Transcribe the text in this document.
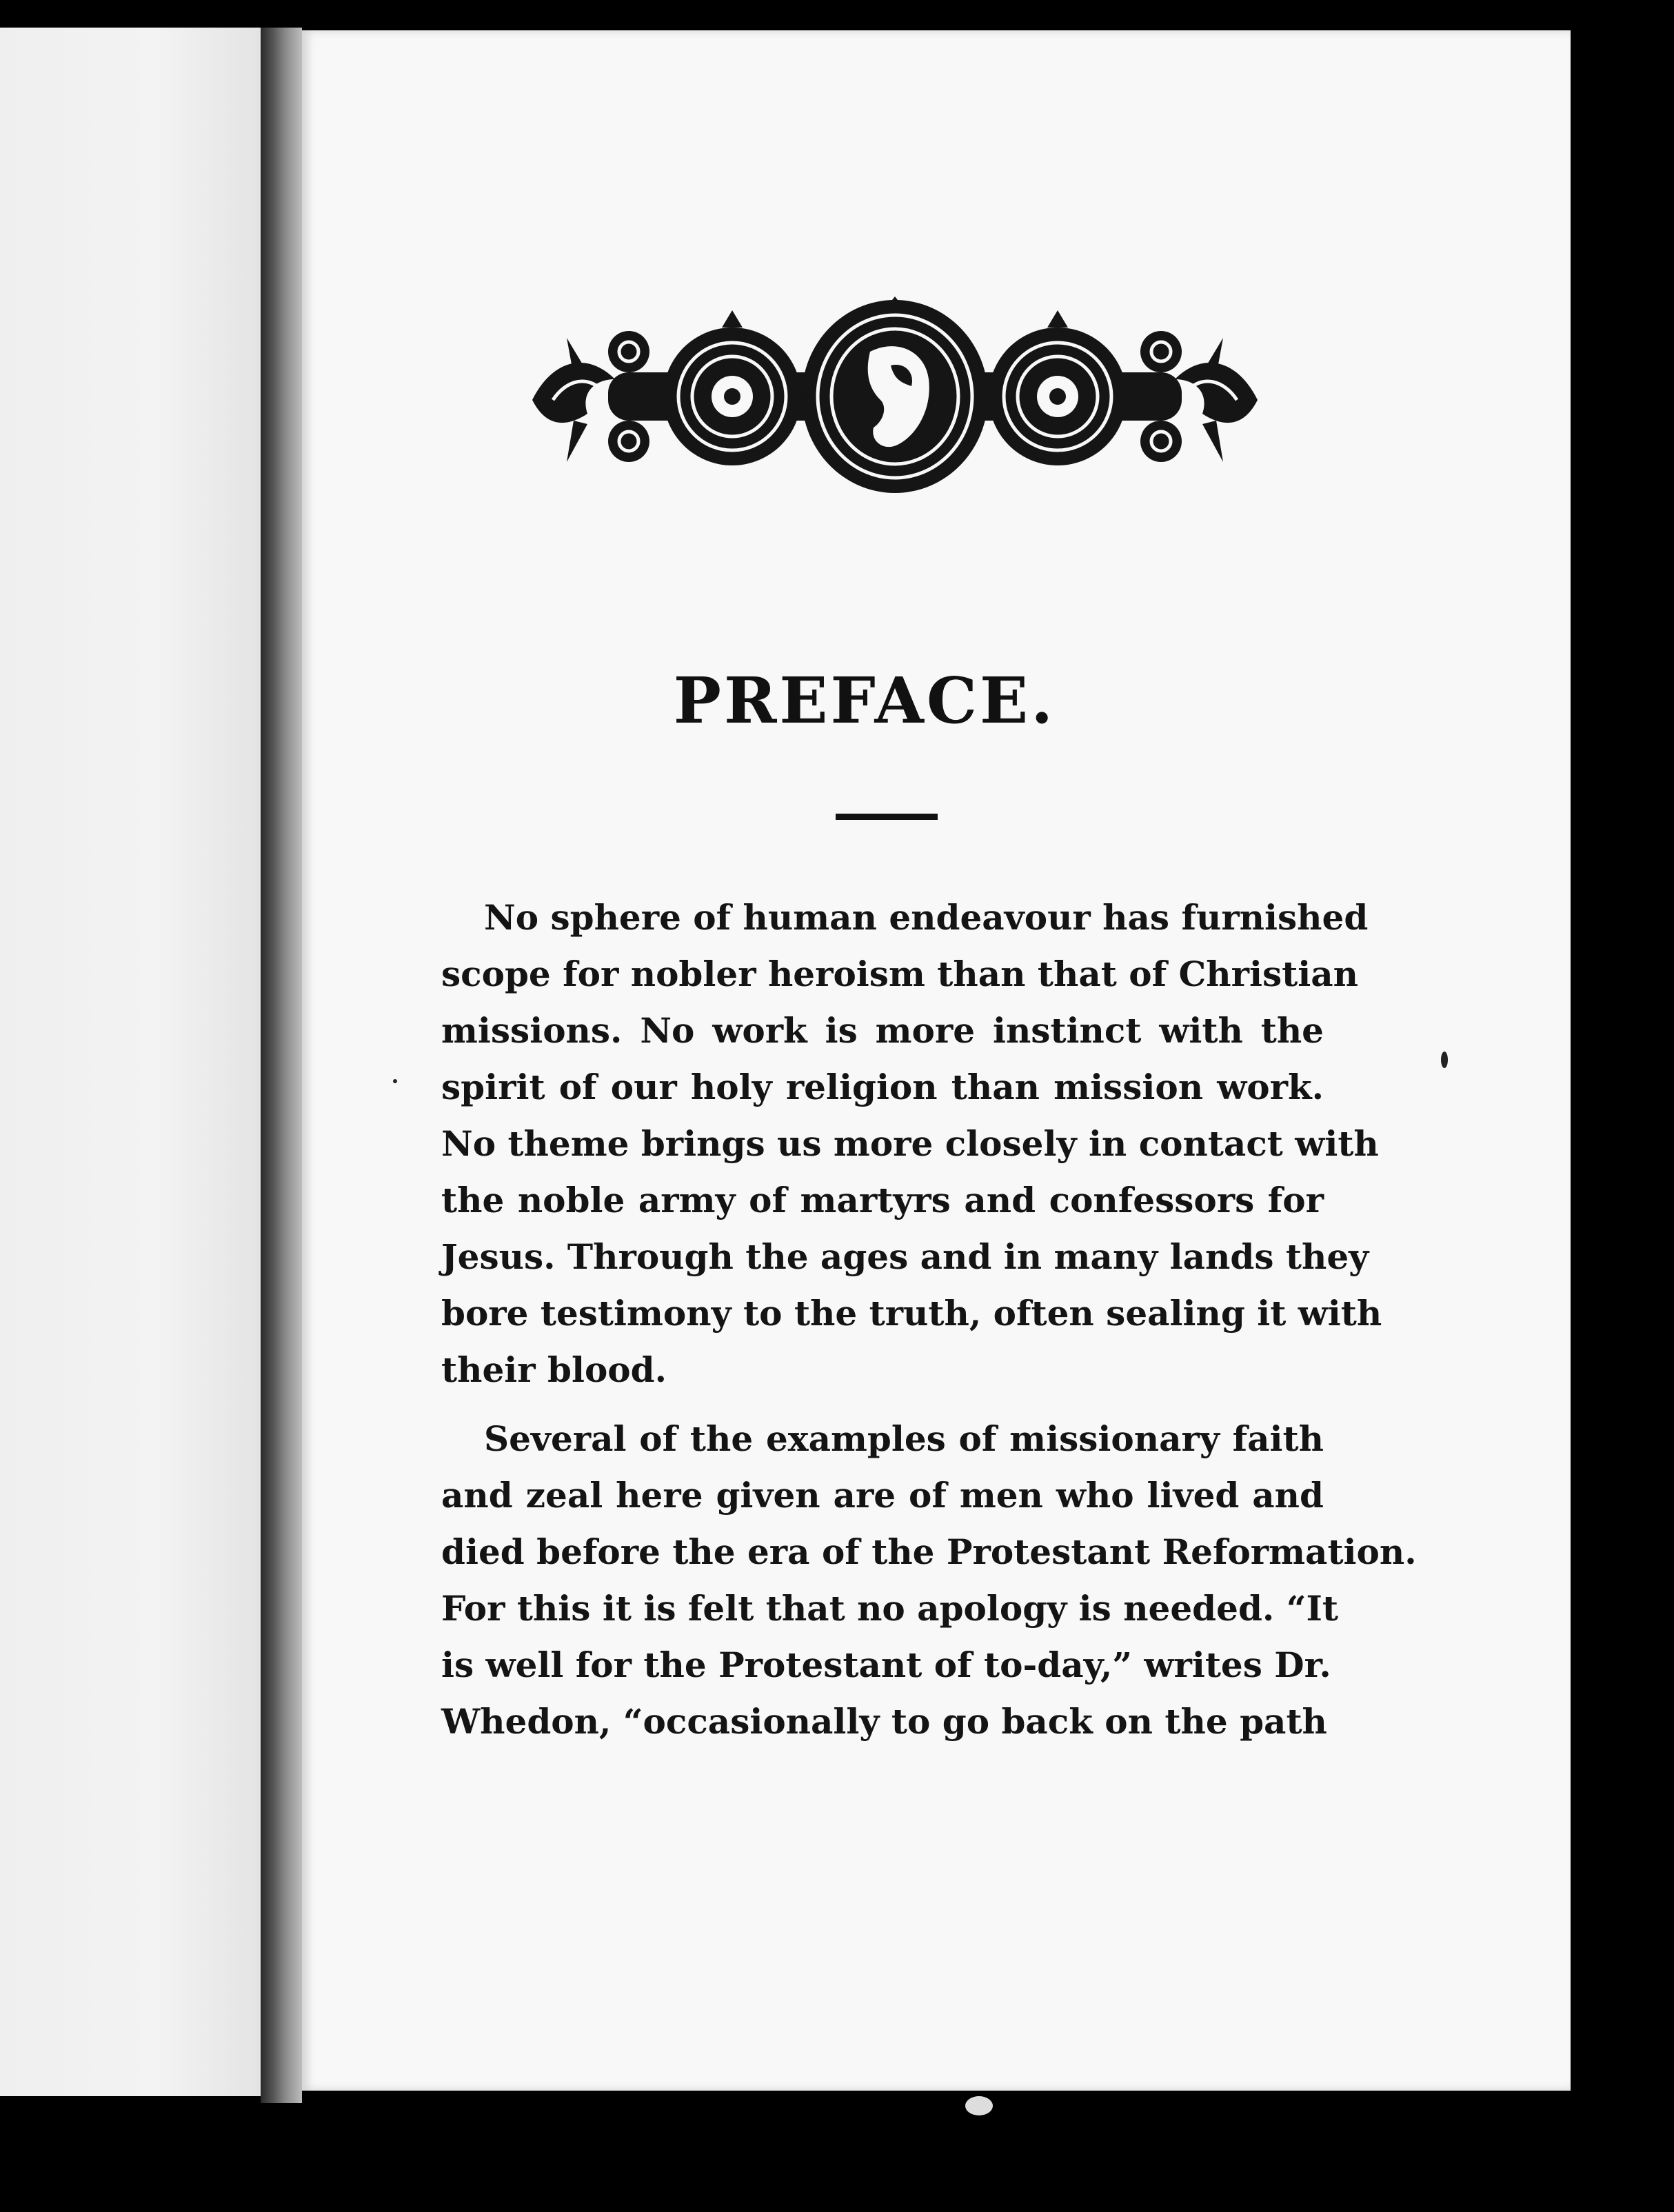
PREFACE.
No sphere of human endeavour has furnished
scope for nobler heroism than that of Christian
missions. No work is more instinct with the
spirit of our holy religion than mission work.
No theme brings us more closely in contact with
the noble army of martyrs and confessors for
Jesus. Through the ages and in many lands they
bore testimony to the truth, often sealing it with
their blood.
Several of the examples of missionary faith
and zeal here given are of men who lived and
died before the era of the Protestant Reformation.
For this it is felt that no apology is needed. “It
is well for the Protestant of to-day,” writes Dr.
Whedon, “occasionally to go back on the path
